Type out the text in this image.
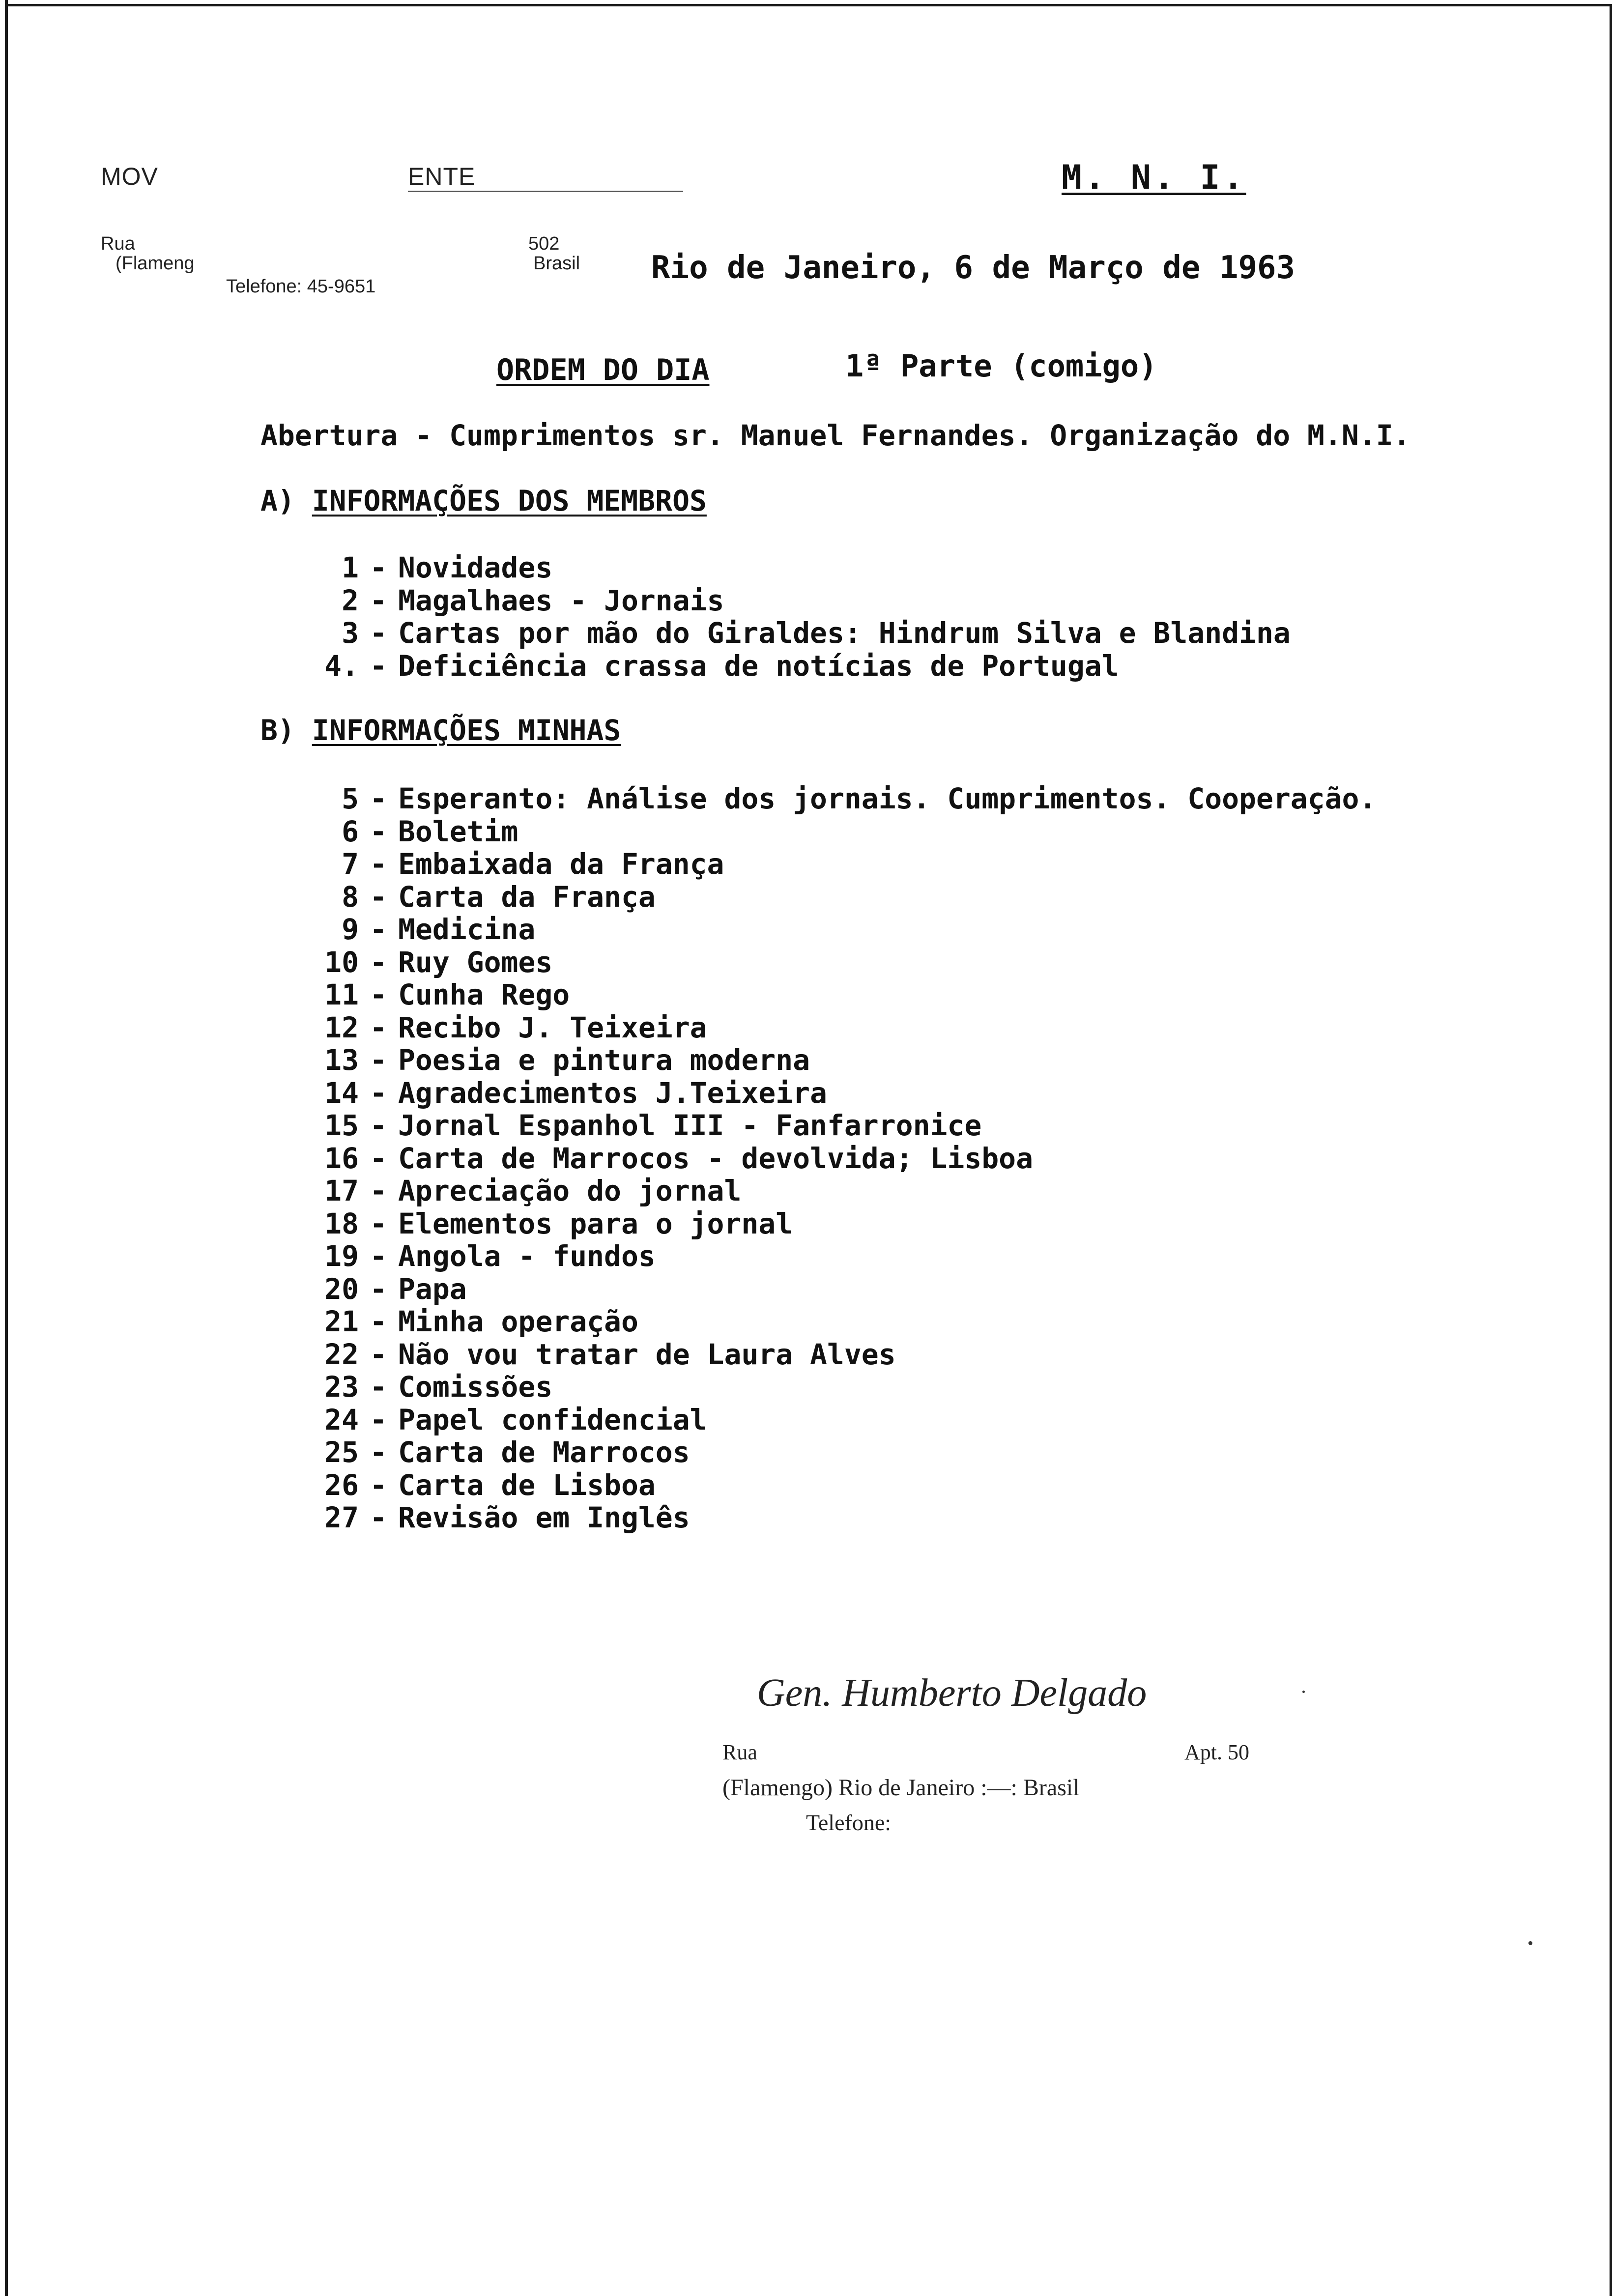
MOV	ENTE
Rua	502
(Flameng	Brasil
Telefone: 45-9651
M. N. I.
Rio de Janeiro, 6 de Março de 1963
ORDEM DO DIA	1ª Parte (comigo)
Abertura - Cumprimentos sr. Manuel Fernandes. Organização do M.N.I.
A) INFORMAÇÕES DOS MEMBROS
1 - Novidades
2 - Magalhaes - Jornais
3 - Cartas por mão do Giraldes: Hindrum Silva e Blandina
4. - Deficiência crassa de notícias de Portugal
B) INFORMAÇÕES MINHAS
5 - Esperanto: Análise dos jornais. Cumprimentos. Cooperação.
6 - Boletim
7 - Embaixada da França
8 - Carta da França
9 - Medicina
10 - Ruy Gomes
11 - Cunha Rego
12 - Recibo J. Teixeira
13 - Poesia e pintura moderna
14 - Agradecimentos J.Teixeira
15 - Jornal Espanhol III - Fanfarronice
16 - Carta de Marrocos - devolvida; Lisboa
17 - Apreciação do jornal
18 - Elementos para o jornal
19 - Angola - fundos
20 - Papa
21 - Minha operação
22 - Não vou tratar de Laura Alves
23 - Comissões
24 - Papel confidencial
25 - Carta de Marrocos
26 - Carta de Lisboa
27 - Revisão em Inglês
Gen. Humberto Delgado
Rua	Apt. 50
(Flamengo) Rio de Janeiro :—: Brasil
Telefone:
